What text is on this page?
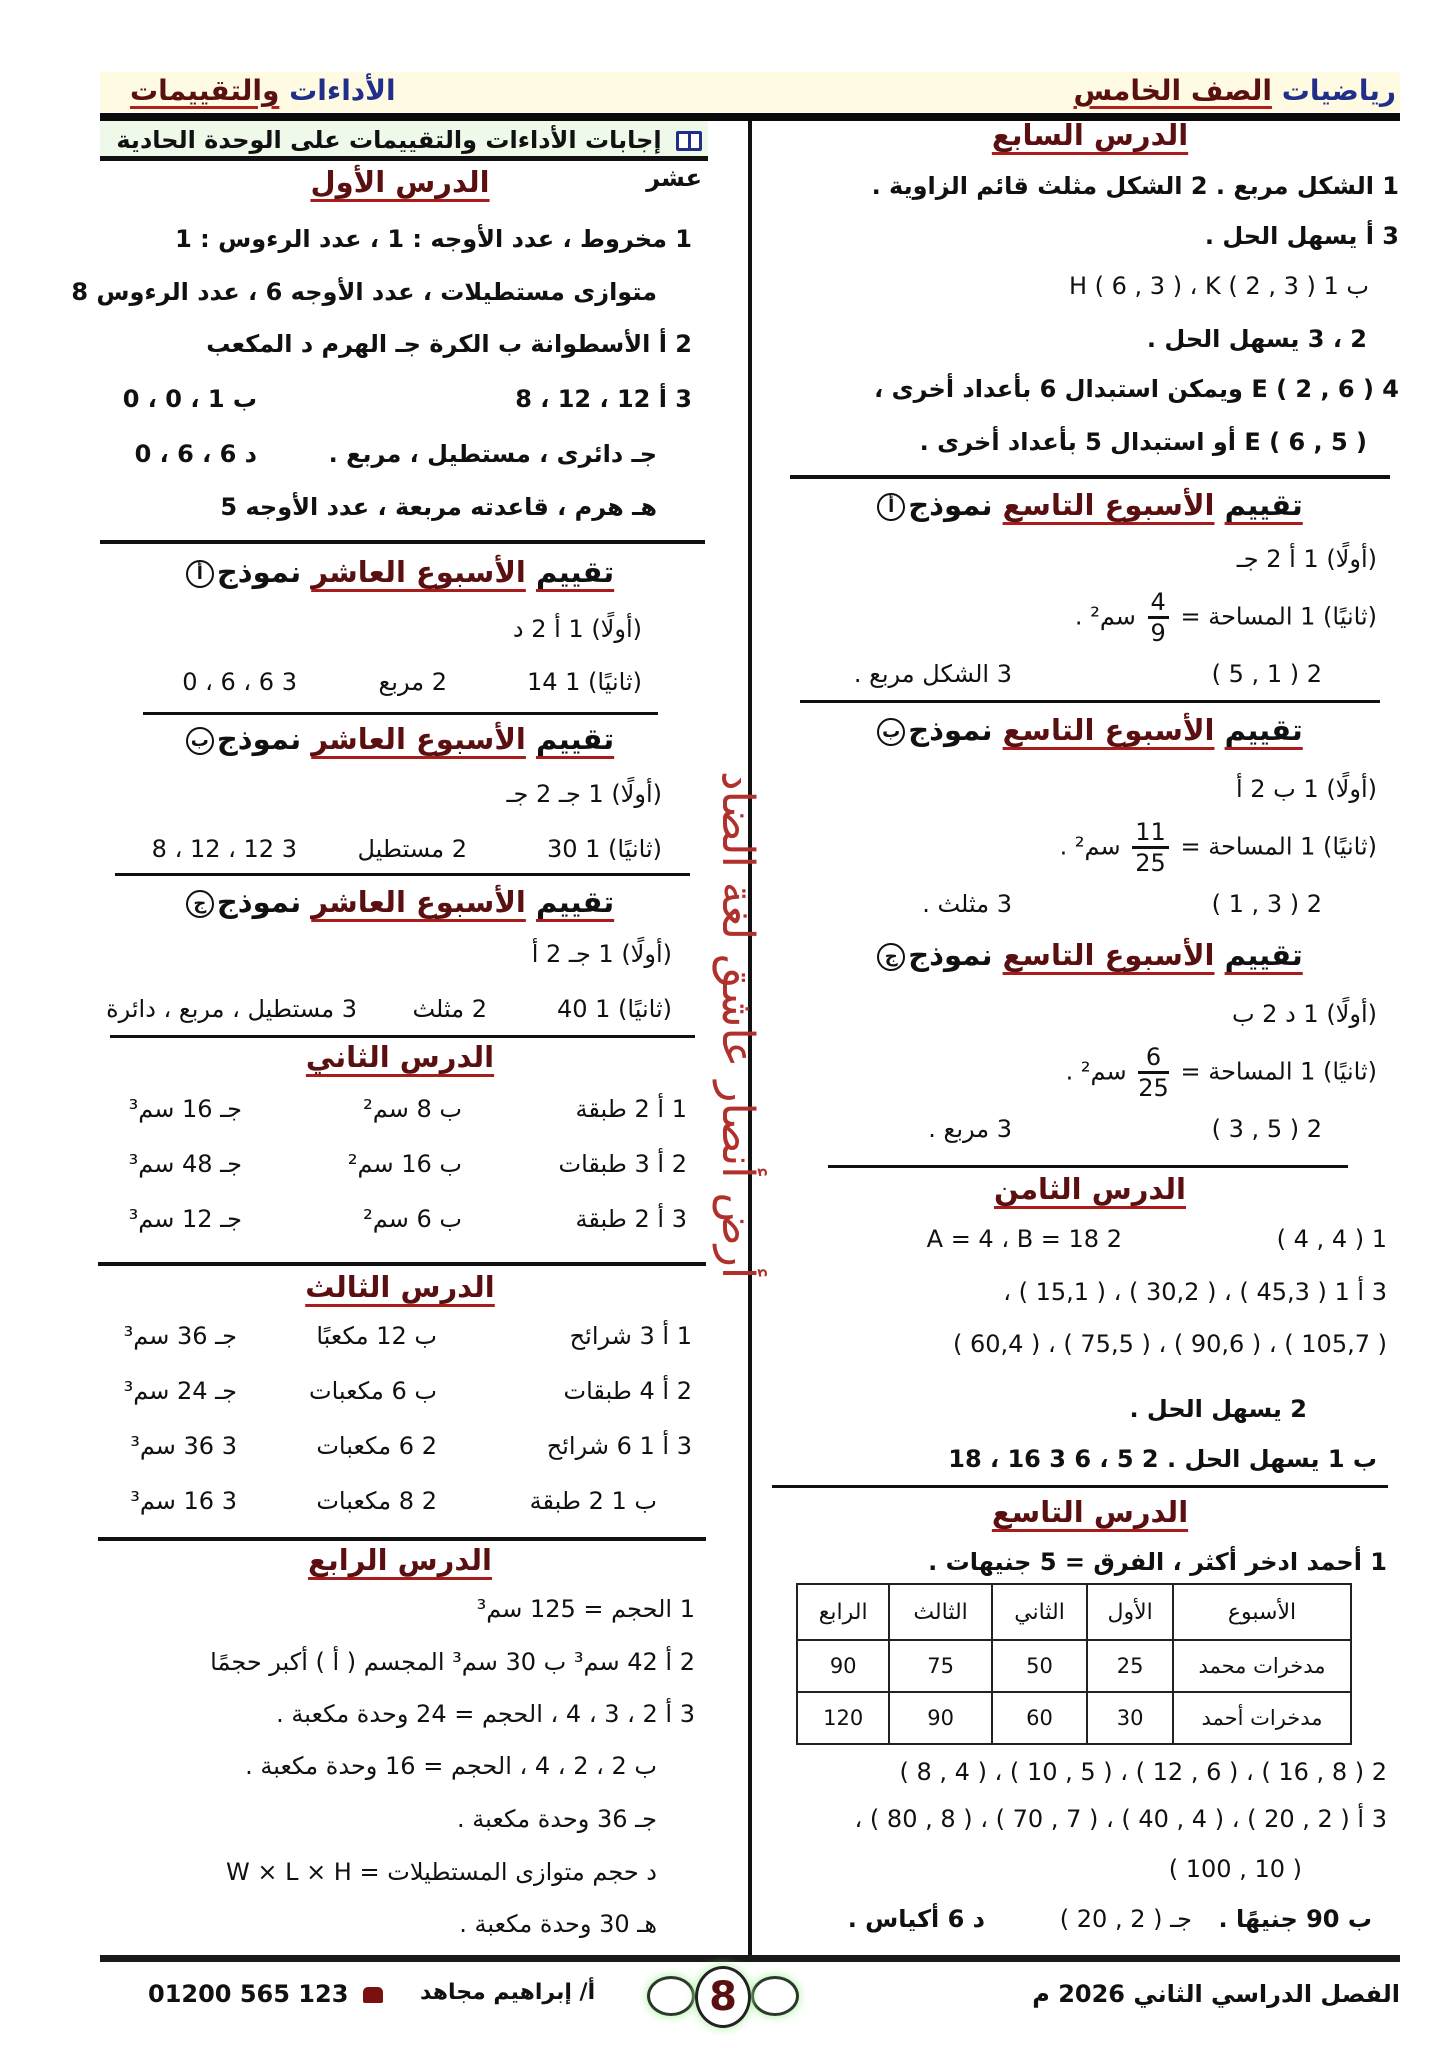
رياضيات الصف الخامس
الأداءات والتقييمات
إجابات الأداءات والتقييمات على الوحدة الحادية عشر
أرض أنصار عاشق لغة الضاد
الدرس السابع
1 الشكل مربع . 2 الشكل مثلث قائم الزاوية .
3 أ يسهل الحل .
ب 1 H ( 6 , 3 ) ، K ( 2 , 3 )
2 ، 3 يسهل الحل .
4 E ( 2 , 6 ) ويمكن استبدال 6 بأعداد أخرى ،
E ( 6 , 5 ) أو استبدال 5 بأعداد أخرى .
تقييم الأسبوع التاسع نموذجأ
(أولًا) 1 أ 2 جـ
(ثانيًا) 1 المساحة =
$\frac{4}{9}$
سم² .
2 ( 1 , 5 )
3 الشكل مربع .
تقييم الأسبوع التاسع نموذجب
(أولًا) 1 ب 2 أ
(ثانيًا) 1 المساحة =
$\frac{11}{25}$
سم² .
2 ( 3 , 1 )
3 مثلث .
تقييم الأسبوع التاسع نموذجج
(أولًا) 1 د 2 ب
(ثانيًا) 1 المساحة =
$\frac{6}{25}$
سم² .
2 ( 5 , 3 )
3 مربع .
الدرس الثامن
1 ( 4 , 4 )
2 A = 4 ، B = 18
3 أ 1 ( 45,3 ) ، ( 30,2 ) ، ( 15,1 ) ،
( 105,7 ) ، ( 90,6 ) ، ( 75,5 ) ، ( 60,4 )
2 يسهل الحل .
ب 1 يسهل الحل . 2 5 ، 6 3 16 ، 18
الدرس التاسع
1 أحمد ادخر أكثر ، الفرق = 5 جنيهات .
الأسبوع	الأول	الثاني	الثالث	الرابع
مدخرات محمد	25	50	75	90
مدخرات أحمد	30	60	90	120
2 ( 8 , 16 ) ، ( 6 , 12 ) ، ( 5 , 10 ) ، ( 4 , 8 )
3 أ ( 2 , 20 ) ، ( 4 , 40 ) ، ( 7 , 70 ) ، ( 8 , 80 ) ،
( 10 , 100 )
ب 90 جنيهًا .
جـ ( 2 , 20 )
د 6 أكياس .
الدرس الأول
1 مخروط ، عدد الأوجه : 1 ، عدد الرءوس : 1
متوازى مستطيلات ، عدد الأوجه 6 ، عدد الرءوس 8
2 أ الأسطوانة ب الكرة جـ الهرم د المكعب
3 أ 12 ، 12 ، 8
ب 1 ، 0 ، 0
جـ دائرى ، مستطيل ، مربع .
د 6 ، 6 ، 0
هـ هرم ، قاعدته مربعة ، عدد الأوجه 5
تقييم الأسبوع العاشر نموذجأ
(أولًا) 1 أ 2 د
(ثانيًا) 1 14
2 مربع
3 6 ، 6 ، 0
تقييم الأسبوع العاشر نموذجب
(أولًا) 1 جـ 2 جـ
(ثانيًا) 1 30
2 مستطيل
3 12 ، 12 ، 8
تقييم الأسبوع العاشر نموذجج
(أولًا) 1 جـ 2 أ
(ثانيًا) 1 40
2 مثلث
3 مستطيل ، مربع ، دائرة
الدرس الثاني
1 أ 2 طبقة
ب 8 سم²
جـ 16 سم³
2 أ 3 طبقات
ب 16 سم²
جـ 48 سم³
3 أ 2 طبقة
ب 6 سم²
جـ 12 سم³
الدرس الثالث
1 أ 3 شرائح
ب 12 مكعبًا
جـ 36 سم³
2 أ 4 طبقات
ب 6 مكعبات
جـ 24 سم³
3 أ 1 6 شرائح
2 6 مكعبات
3 36 سم³
ب 1 2 طبقة
2 8 مكعبات
3 16 سم³
الدرس الرابع
1 الحجم = 125 سم³
2 أ 42 سم³ ب 30 سم³ المجسم ( أ ) أكبر حجمًا
3 أ 2 ، 3 ، 4 ، الحجم = 24 وحدة مكعبة .
ب 2 ، 2 ، 4 ، الحجم = 16 وحدة مكعبة .
جـ 36 وحدة مكعبة .
د حجم متوازى المستطيلات = W × L × H
هـ 30 وحدة مكعبة .
الفصل الدراسي الثاني 2026 م
8
أ/ إبراهيم مجاهد
01200 565 123
